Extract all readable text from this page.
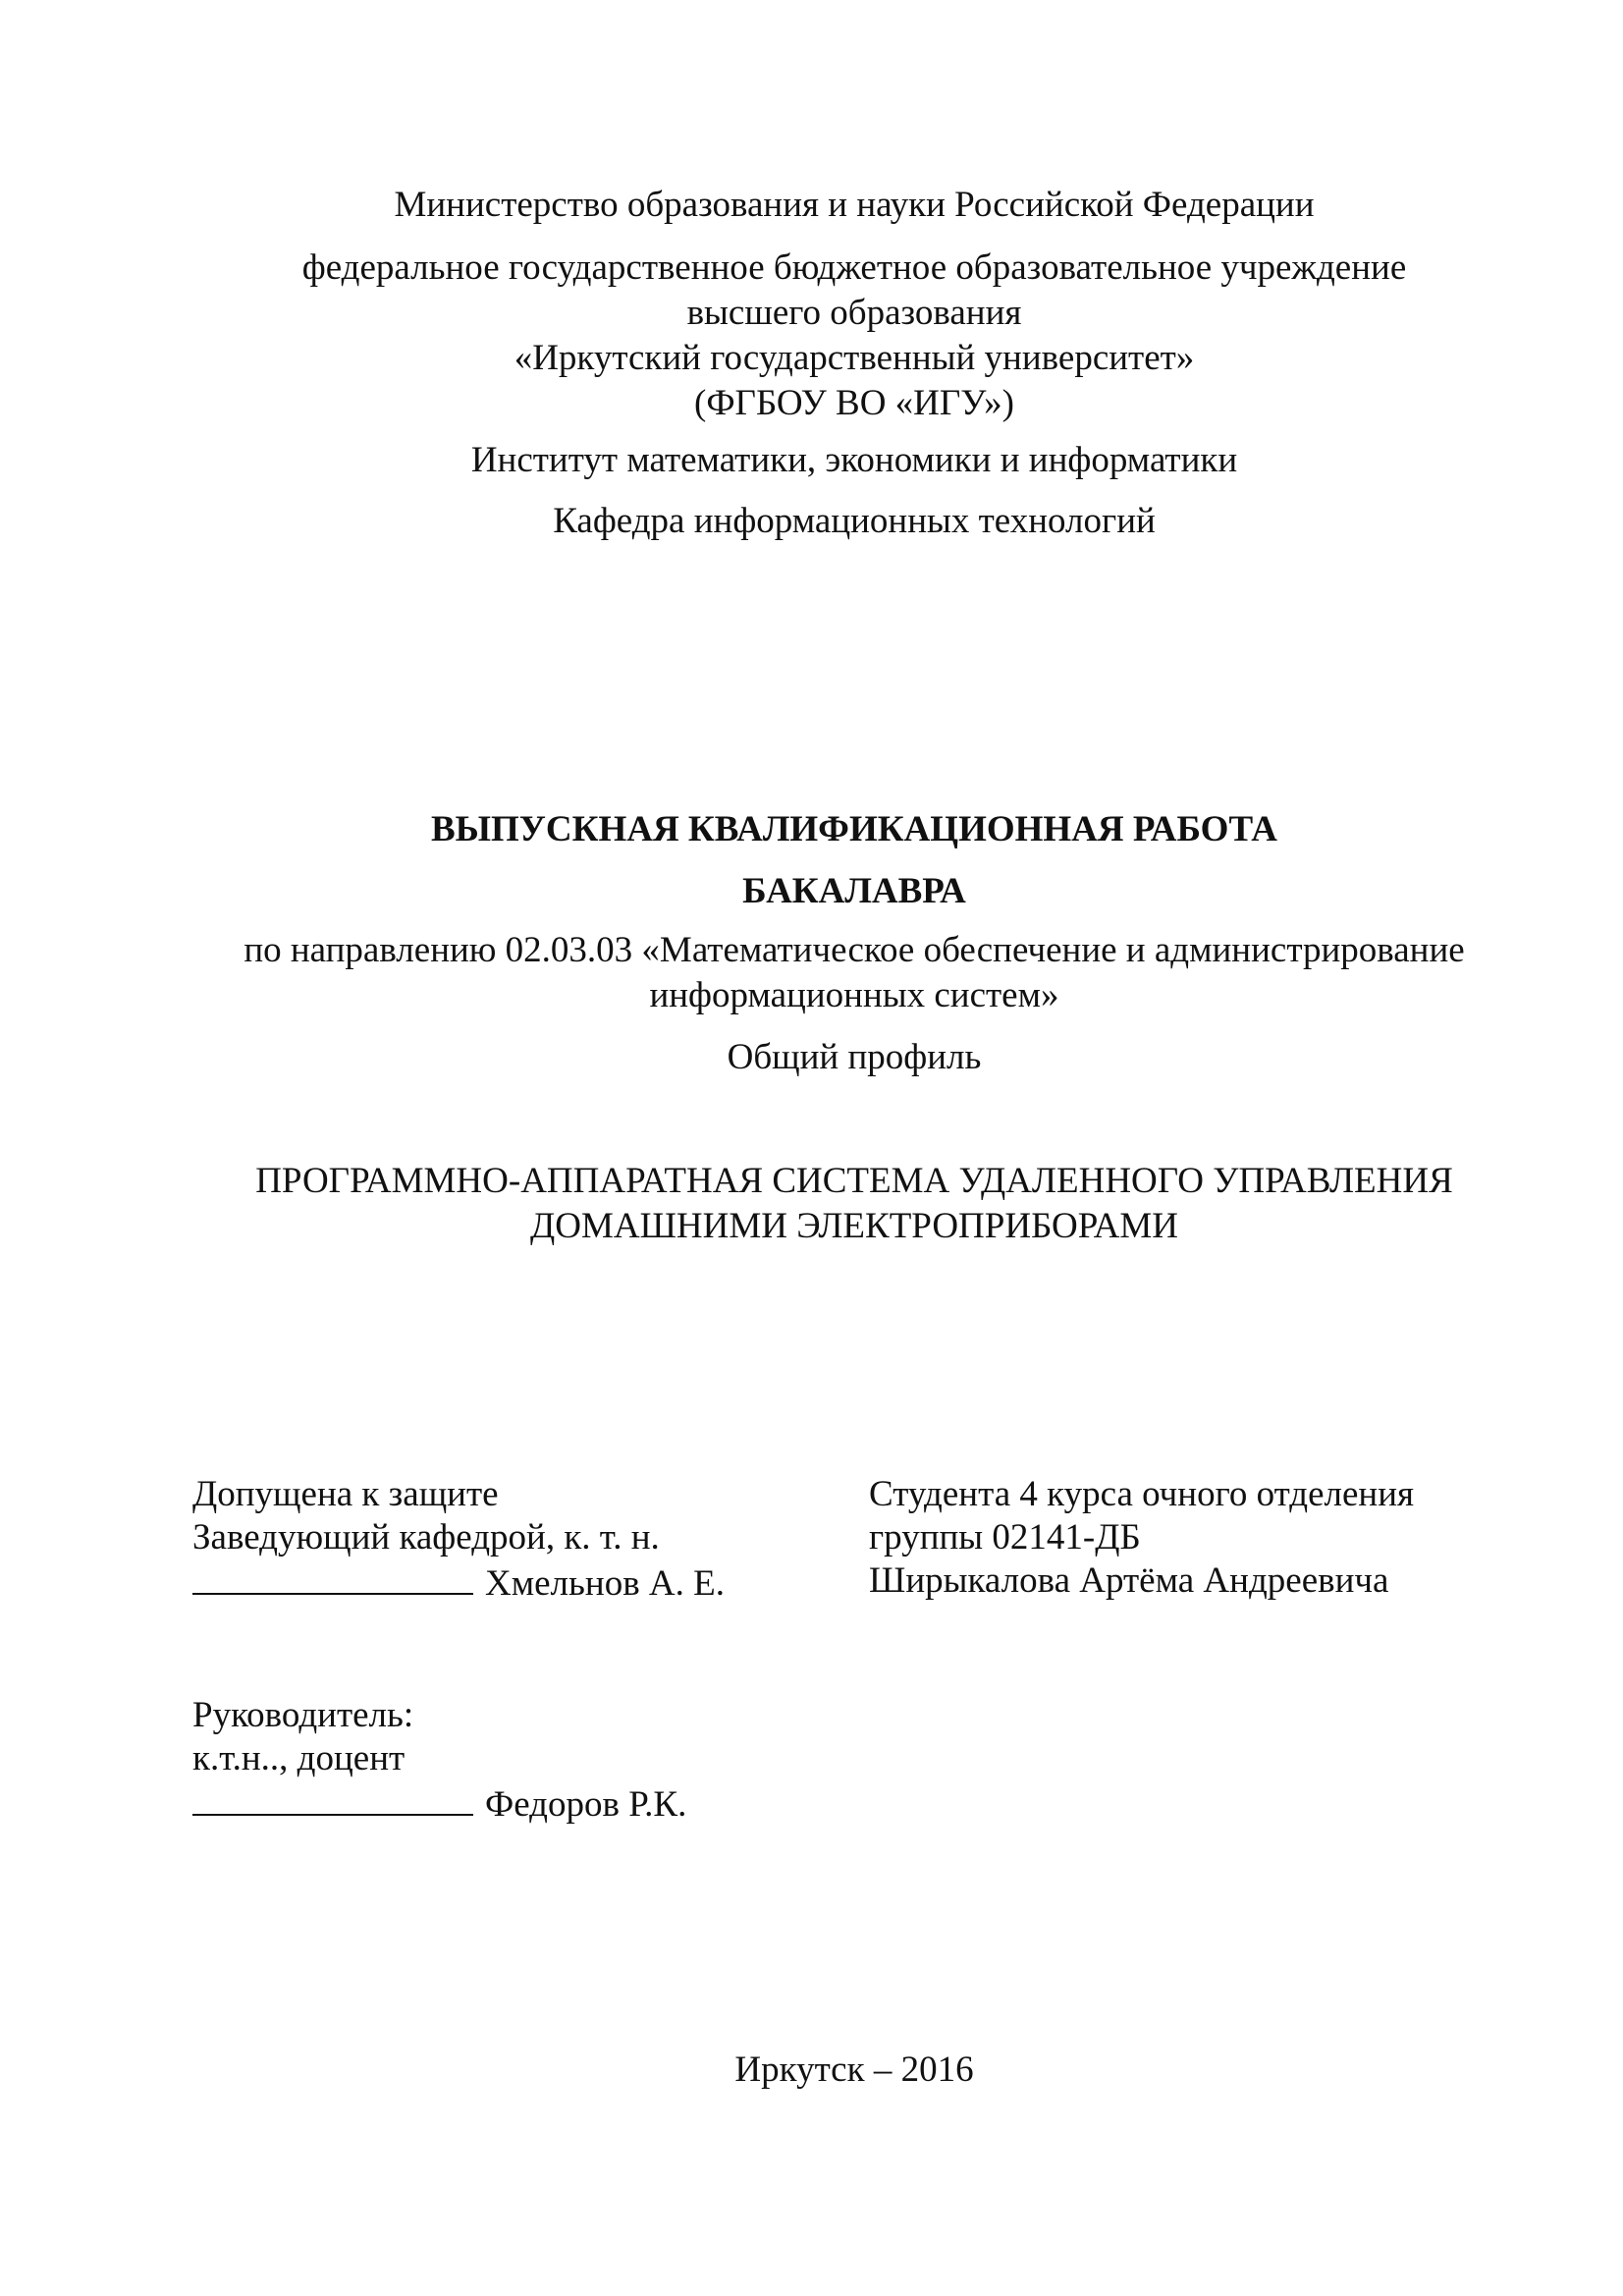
Министерство образования и науки Российской Федерации
федеральное государственное бюджетное образовательное учреждение
высшего образования
«Иркутский государственный университет»
(ФГБОУ ВО «ИГУ»)
Институт математики, экономики и информатики
Кафедра информационных технологий
ВЫПУСКНАЯ КВАЛИФИКАЦИОННАЯ РАБОТА
БАКАЛАВРА
по направлению 02.03.03 «Математическое обеспечение и администрирование
информационных систем»
Общий профиль
ПРОГРАММНО-АППАРАТНАЯ СИСТЕМА УДАЛЕННОГО УПРАВЛЕНИЯ
ДОМАШНИМИ ЭЛЕКТРОПРИБОРАМИ
Допущена к защите
Заведующий кафедрой, к. т. н.
Хмельнов А. Е.
Студента 4 курса очного отделения
группы 02141-ДБ
Ширыкалова Артёма Андреевича
Руководитель:
к.т.н.., доцент
Федоров Р.К.
Иркутск – 2016
